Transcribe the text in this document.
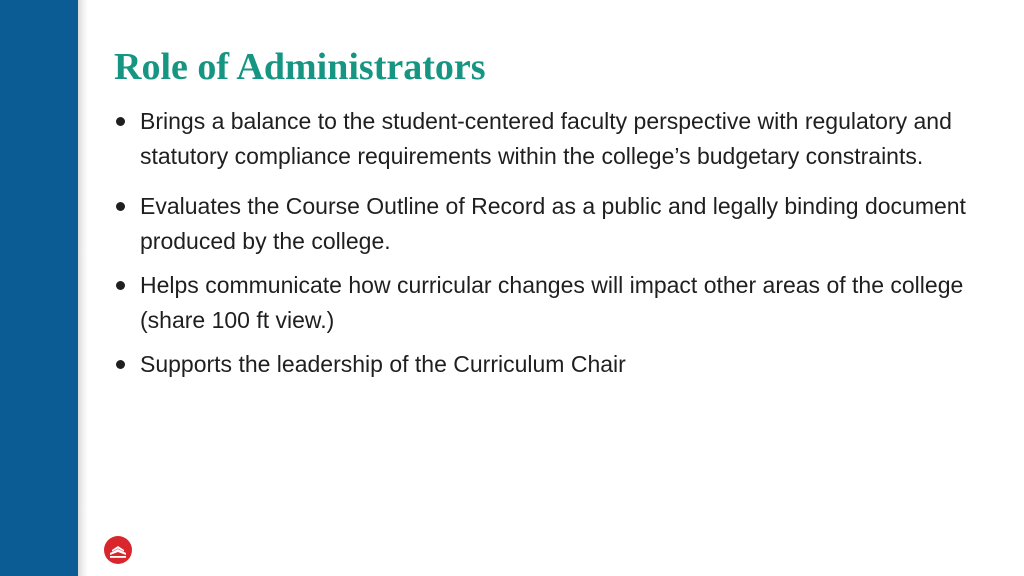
Role of Administrators
Brings a balance to the student-centered faculty perspective with regulatory and statutory compliance requirements within the college’s budgetary constraints.
Evaluates the Course Outline of Record as a public and legally binding document produced by the college.
Helps communicate how curricular changes will impact other areas of the college (share 100 ft view.)
Supports the leadership of the Curriculum Chair
